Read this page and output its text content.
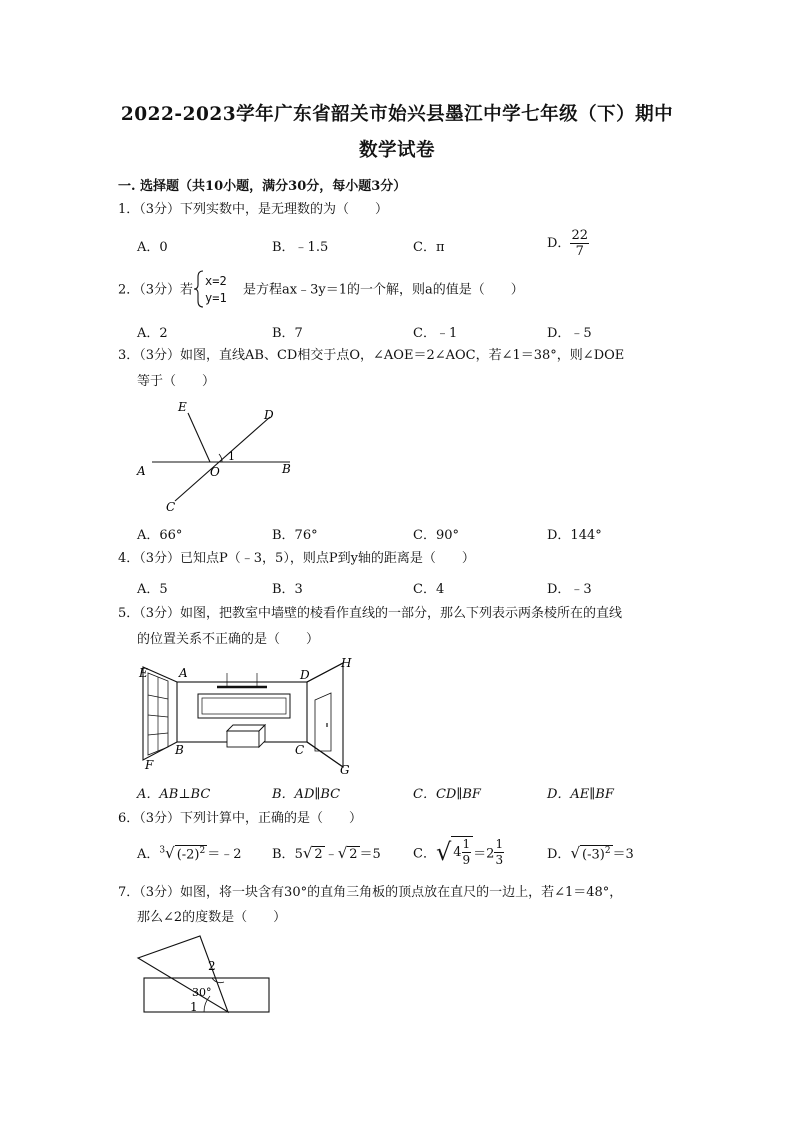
2022-2023学年广东省韶关市始兴县墨江中学七年级（下）期中
数学试卷
一. 选择题（共10小题，满分30分，每小题3分）
1．（3分）下列实数中，是无理数的为（　　）
A．0	B．﹣1.5	C．π	D． $\frac{22}{7}$
2．（3分）若
x=2
y=1
是方程ax﹣3y＝1的一个解，则a的值是（　　）
A．2	B．7	C．﹣1	D．﹣5
3．（3分）如图，直线AB、CD相交于点O，∠AOE＝2∠AOC，若∠1＝38°，则∠DOE
等于（　　）
E
D
A	O	B
C
1
A．66°	B．76°	C．90°	D．144°
4．（3分）已知点P（﹣3，5），则点P到y轴的距离是（　　）
A．5	B．3	C．4	D．﹣3
5．（3分）如图，把教室中墙壁的棱看作直线的一部分，那么下列表示两条棱所在的直线
的位置关系不正确的是（　　）
E	A	D
H
B	C
F	G
A．AB⊥BC	B．AD∥BC	C．CD∥BF	D．AE∥BF
6．（3分）下列计算中，正确的是（　　）
A．$^3$√ $(-2)^2$ ＝﹣2 B．5√ 2 ﹣√ 2 ＝5 C．√ $4 \frac{1}{9} =2 \frac{1}{3}$	D．√ $(-3)^2 =3$
7．（3分）如图，将一块含有30°的直角三角板的顶点放在直尺的一边上，若∠1＝48°，
那么∠2的度数是（　　）
2
30°
1
